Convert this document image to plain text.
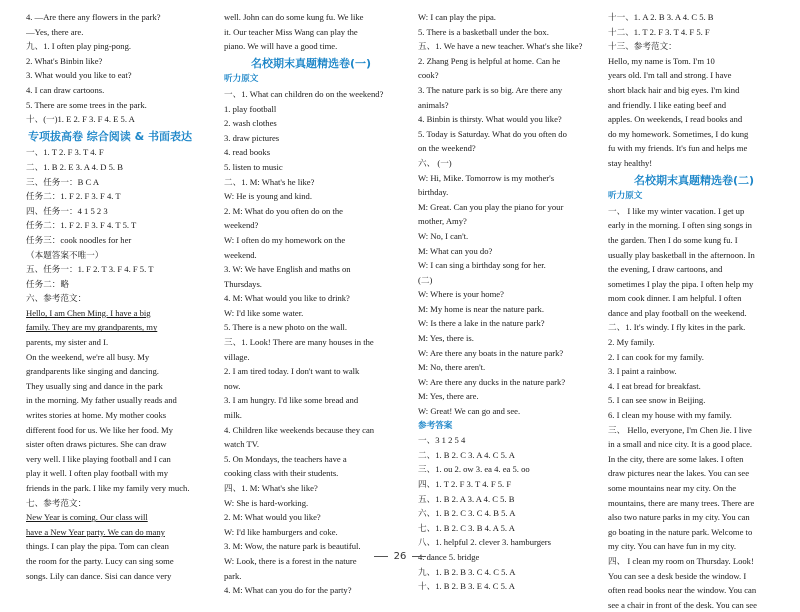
4. —Are there any flowers in the park?
—Yes, there are.
九、1. I often play ping-pong.
2. What's Binbin like?
3. What would you like to eat?
4. I can draw cartoons.
5. There are some trees in the park.
十、(一)1. E 2. F 3. F 4. E 5. A
专项拔高卷 综合阅读 & 书面表达
一、1. T 2. F 3. T 4. F
二、1. B 2. E 3. A 4. D 5. B
三、任务一：B C A
任务二：1. F 2. F 3. F 4. T
四、任务一：4 1 5 2 3
任务二：1. F 2. F 3. F 4. T 5. T
任务三：cook noodles for her
（本题答案不唯一）
五、任务一：1. F 2. T 3. F 4. F 5. T
任务二：略
六、参考范文：
Hello, I am Chen Ming. I have a big
family. They are my grandparents, my
parents, my sister and I.
On the weekend, we're all busy. My
grandparents like singing and dancing.
They usually sing and dance in the park
in the morning. My father usually reads and
writes stories at home. My mother cooks
different food for us. We like her food. My
sister often draws pictures. She can draw
very well. I like playing football and I can
play it well. I often play football with my
friends in the park. I like my family very much.
七、参考范文：
New Year is coming. Our class will
have a New Year party. We can do many
things. I can play the pipa. Tom can clean
the room for the party. Lucy can sing some
songs. Lily can dance. Sisi can dance very
well. John can do some kung fu. We like
it. Our teacher Miss Wang can play the
piano. We will have a good time.
名校期末真题精选卷(一)
听力原文
一、1. What can children do on the weekend?
1. play football
2. wash clothes
3. draw pictures
4. read books
5. listen to music
二、1. M: What's he like?
W: He is young and kind.
2. M: What do you often do on the
weekend?
W: I often do my homework on the
weekend.
3. W: We have English and maths on
Thursdays.
4. M: What would you like to drink?
W: I'd like some water.
5. There is a new photo on the wall.
三、1. Look! There are many houses in the
village.
2. I am tired today. I don't want to walk
now.
3. I am hungry. I'd like some bread and
milk.
4. Children like weekends because they can
watch TV.
5. On Mondays, the teachers have a
cooking class with their students.
四、1. M: What's she like?
W: She is hard-working.
2. M: What would you like?
W: I'd like hamburgers and coke.
3. M: Wow, the nature park is beautiful.
W: Look, there is a forest in the nature
park.
4. M: What can you do for the party?
W: I can play the pipa.
5. There is a basketball under the box.
五、1. We have a new teacher. What's she like?
2. Zhang Peng is helpful at home. Can he
cook?
3. The nature park is so big. Are there any
animals?
4. Binbin is thirsty. What would you like?
5. Today is Saturday. What do you often do
on the weekend?
六、 (一)
W: Hi, Mike. Tomorrow is my mother's
birthday.
M: Great. Can you play the piano for your
mother, Amy?
W: No, I can't.
M: What can you do?
W: I can sing a birthday song for her.
(二)
W: Where is your home?
M: My home is near the nature park.
W: Is there a lake in the nature park?
M: Yes, there is.
W: Are there any boats in the nature park?
M: No, there aren't.
W: Are there any ducks in the nature park?
M: Yes, there are.
W: Great! We can go and see.
参考答案
一、3 1 2 5 4
二、1. B 2. C 3. A 4. C 5. A
三、1. ou 2. ow 3. ea 4. ea 5. oo
四、1. T 2. F 3. T 4. F 5. F
五、1. B 2. A 3. A 4. C 5. B
六、1. B 2. C 3. C 4. B 5. A
七、1. B 2. C 3. B 4. A 5. A
八、1. helpful 2. clever 3. hamburgers
4. dance 5. bridge
九、1. B 2. B 3. C 4. C 5. A
十、1. B 2. B 3. E 4. C 5. A
十一、1. A 2. B 3. A 4. C 5. B
十二、1. T 2. F 3. T 4. F 5. F
十三、参考范文：
Hello, my name is Tom. I'm 10
years old. I'm tall and strong. I have
short black hair and big eyes. I'm kind
and friendly. I like eating beef and
apples. On weekends, I read books and
do my homework. Sometimes, I do kung
fu with my friends. It's fun and helps me
stay healthy!
名校期末真题精选卷(二)
听力原文
一、 I like my winter vacation. I get up
early in the morning. I often sing songs in
the garden. Then I do some kung fu. I
usually play basketball in the afternoon. In
the evening, I draw cartoons, and
sometimes I play the pipa. I often help my
mom cook dinner. I am helpful. I often
dance and play football on the weekend.
二、1. It's windy. I fly kites in the park.
2. My family.
2. I can cook for my family.
3. I paint a rainbow.
4. I eat bread for breakfast.
5. I can see snow in Beijing.
6. I clean my house with my family.
三、 Hello, everyone, I'm Chen Jie. I live
in a small and nice city. It is a good place.
In the city, there are some lakes. I often
draw pictures near the lakes. You can see
some mountains near my city. On the
mountains, there are many trees. There are
also two nature parks in my city. You can
go boating in the nature park. Welcome to
my city. You can have fun in my city.
四、 I clean my room on Thursday. Look!
You can see a desk beside the window. I
often read books near the window. You can
see a chair in front of the desk. You can see
26
